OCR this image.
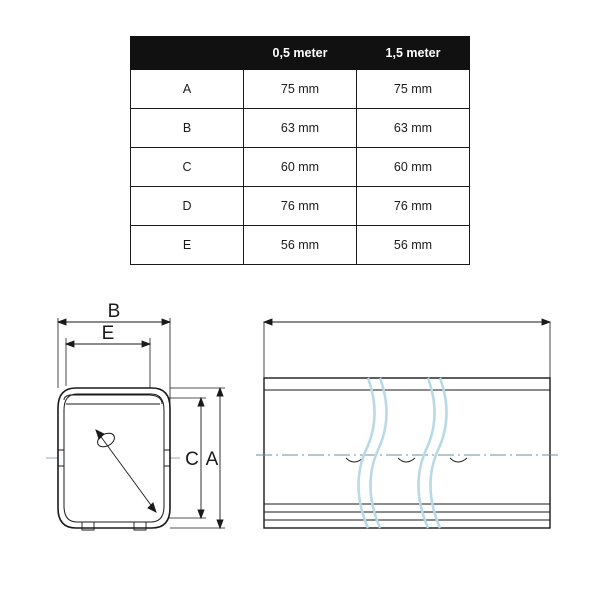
	0,5 meter	1,5 meter
A	75 mm	75 mm
B	63 mm	63 mm
C	60 mm	60 mm
D	76 mm	76 mm
E	56 mm	56 mm
B
E
A
C
